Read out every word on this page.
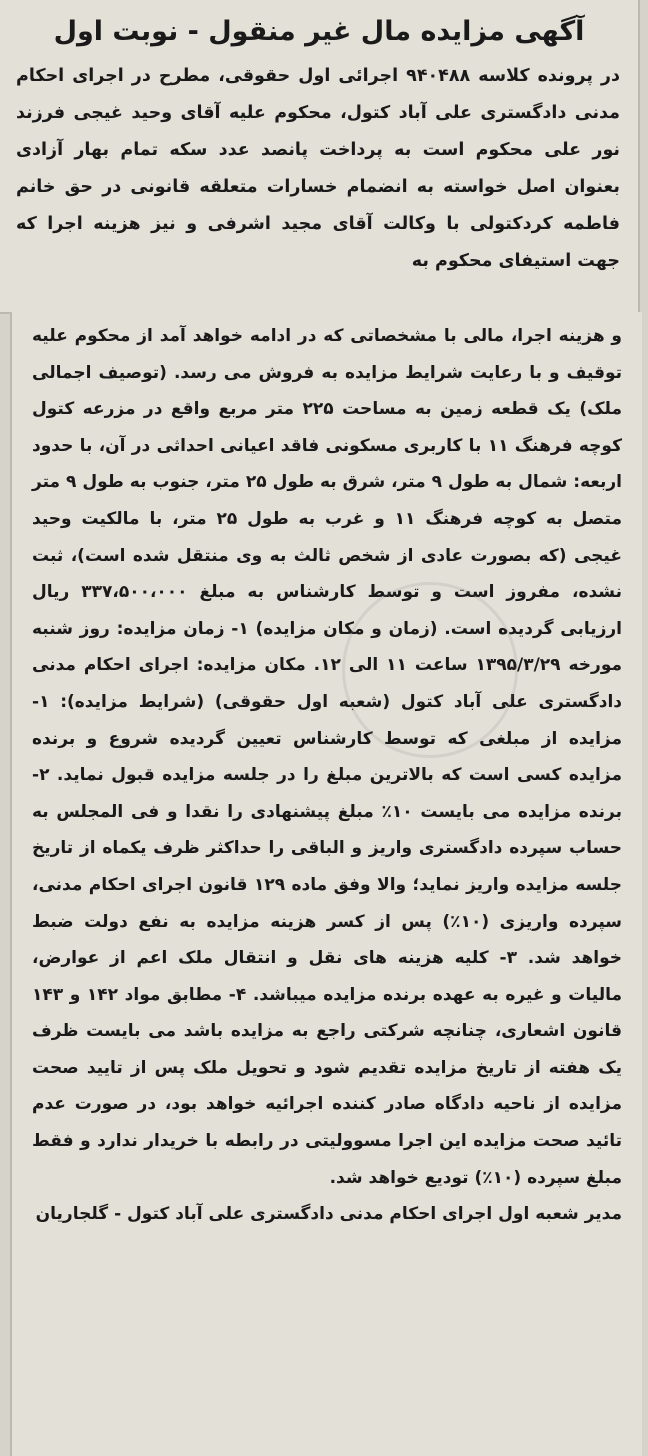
آگهی مزایده مال غیر منقول - نوبت اول

در پرونده کلاسه ۹۴۰۴۸۸ اجرائی اول حقوقی، مطرح در اجرای احکام مدنی دادگستری علی آباد کتول، محکوم علیه آقای وحید غیجی فرزند نور علی محکوم است به پرداخت پانصد عدد سکه تمام بهار آزادی بعنوان اصل خواسته به انضمام خسارات متعلقه قانونی در حق خانم فاطمه کردکتولی با وکالت آقای مجید اشرفی و نیز هزینه اجرا که جهت استیفای محکوم به

و هزینه اجرا، مالی با مشخصاتی که در ادامه خواهد آمد از محکوم علیه توقیف و با رعایت شرایط مزایده به فروش می رسد. (توصیف اجمالی ملک) یک قطعه زمین به مساحت ۲۲۵ متر مربع واقع در مزرعه کتول کوچه فرهنگ ۱۱ با کاربری مسکونی فاقد اعیانی احداثی در آن، با حدود اربعه: شمال به طول ۹ متر، شرق به طول ۲۵ متر، جنوب به طول ۹ متر متصل به کوچه فرهنگ ۱۱ و غرب به طول ۲۵ متر، با مالکیت وحید غیجی (که بصورت عادی از شخص ثالث به وی منتقل شده است)، ثبت نشده، مفروز است و توسط کارشناس به مبلغ ۳۳۷،۵۰۰،۰۰۰ ریال ارزیابی گردیده است. (زمان و مکان مزایده) ۱- زمان مزایده: روز شنبه مورخه ۱۳۹۵/۳/۲۹ ساعت ۱۱ الی ۱۲. مکان مزایده: اجرای احکام مدنی دادگستری علی آباد کتول (شعبه اول حقوقی) (شرایط مزایده): ۱- مزایده از مبلغی که توسط کارشناس تعیین گردیده شروع و برنده مزایده کسی است که بالاترین مبلغ را در جلسه مزایده قبول نماید. ۲- برنده مزایده می بایست ۱۰٪ مبلغ پیشنهادی را نقدا و فی المجلس به حساب سپرده دادگستری واریز و الباقی را حداکثر ظرف یکماه از تاریخ جلسه مزایده واریز نماید؛ والا وفق ماده ۱۲۹ قانون اجرای احکام مدنی، سپرده واریزی (۱۰٪) پس از کسر هزینه مزایده به نفع دولت ضبط خواهد شد. ۳- کلیه هزینه های نقل و انتقال ملک اعم از عوارض، مالیات و غیره به عهده برنده مزایده میباشد. ۴- مطابق مواد ۱۴۲ و ۱۴۳ قانون اشعاری، چنانچه شرکتی راجع به مزایده باشد می بایست ظرف یک هفته از تاریخ مزایده تقدیم شود و تحویل ملک پس از تایید صحت مزایده از ناحیه دادگاه صادر کننده اجرائیه خواهد بود، در صورت عدم تائید صحت مزایده این اجرا مسوولیتی در رابطه با خریدار ندارد و فقط مبلغ سپرده (۱۰٪) تودیع خواهد شد.

مدیر شعبه اول اجرای احکام مدنی دادگستری علی آباد کتول - گلجاریان
